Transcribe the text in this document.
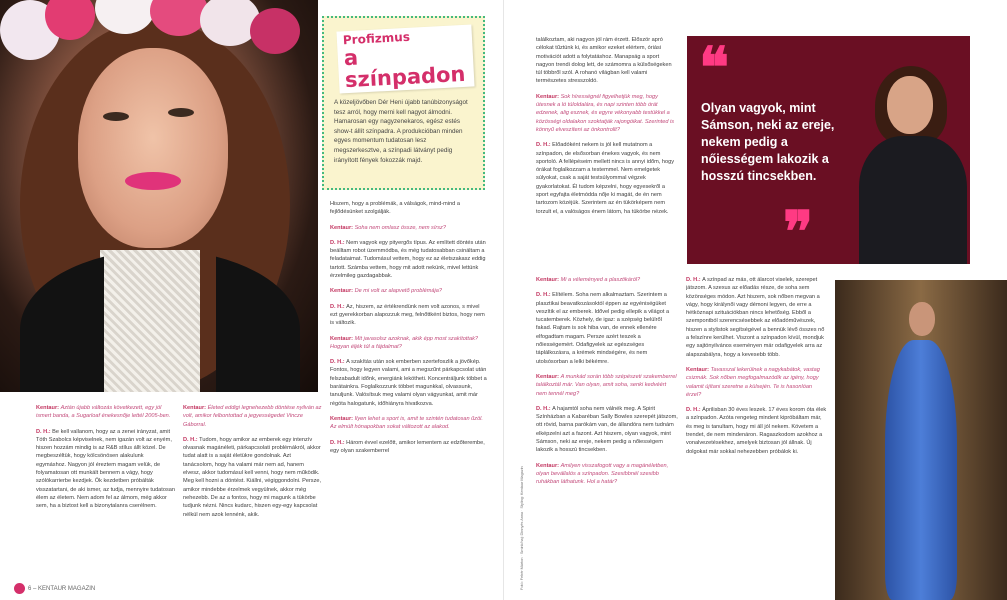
Profizmus
a színpadon
A közeljövőben Dér Heni újabb tanúbizonyságot tesz arról, hogy merni kell nagyot álmodni. Hamarosan egy nagyzenekaros, egész estés show-t állít színpadra. A produkcióban minden egyes momentum tudatosan lesz megszerkesztve, a színpadi látványt pedig irányított fények fokozzák majd.

Kentaur: Aztán újabb változás következett, egy jól ismert banda, a Sugarloaf énekesnője lettél 2005-ben.

D. H.: Be kell vallanom, hogy az a zenei irányzat, amit Tóth Szabolcs képviselnek, nem igazán volt az enyém, hiszen hozzám mindig is az R&B stílus állt közel. De megbeszéltük, hogy kölcsönösen alakulunk egymáshoz. Nagyon jól éreztem magam velük, de folyamatosan ott munkált bennem a vágy, hogy szólókarrierbe kezdjek. Ők kezdetben próbálták visszatartani, de aki ismer, az tudja, mennyire tudatosan élem az életem. Nem adom fel az álmom, még akkor sem, ha a biztost kell a bizonytalanra cserélnem.

Kentaur: Életed eddigi legnehezebb döntése nyilván az volt, amikor felbontottad a jegyességedet Vincze Gáborral.

D. H.: Tudom, hogy amikor az emberek egy intenzív olvasnak magánéleti, párkapcsolati problémákról, akkor tudat alatt is a saját életükre gondolnak. Azt tanácsolom, hogy ha valami már nem ad, hanem elvesz, akkor tudomásul kell venni, hogy nem működik. Meg kell hozni a döntést. Kiállni, végiggondolni. Persze, amikor mindebbe érzelmek vegyülnek, akkor még nehezebb. De az a fontos, hogy mi magunk a tükörbe tudjunk nézni. Nincs kudarc, hiszen egy-egy kapcsolat nélkül nem azok lennénk, akik.

Hiszem, hogy a problémák, a válságok, mind-mind a fejlődésünket szolgálják.

Kentaur: Soha nem omlasz össze, nem sírsz?

D. H.: Nem vagyok egy pityergős típus. Az említett döntés után beálltam robot üzemmódba, és még tudatosabban csináltam a feladataimat. Tudomásul vettem, hogy ez az életszakasz eddig tartott. Számba vettem, hogy mit adott nekünk, mivel lettünk érzelmileg gazdagabbak.

Kentaur: De mi volt az alapvető problémája?

D. H.: Az, hiszem, az értékrendünk nem volt azonos, s mivel ezt gyerekkorban alapozzuk meg, felnőttként biztos, hogy nem is változik.

Kentaur: Mit javasolsz azoknak, akik épp most szakítottak? Hogyan éljék túl a fájdalmat?

D. H.: A szakítás után sok emberben szertefoszlik a jövőkép. Fontos, hogy legyen valami, ami a megszűnt párkapcsolat után felszabadult időnk, energiánk lekötheti. Koncentráljunk többet a barátainkra. Foglalkozzunk többet magunkkal, olvassunk, tanuljunk. Valósítsuk meg valami olyan vágyunkat, amit már régóta halogatunk, időhiányra hivatkozva.

Kentaur: Ilyen lehet a sport is, amit te szintén tudatosan űzöl. Az elmúlt hónapokban sokat változott az alakod.

D. H.: Három évvel ezelőtt, amikor lementem az edzőterembe, egy olyan szakemberrel

találkoztam, aki nagyon jól rám érzett. Először apró célokat tűztünk ki, és amikor ezeket elértem, óriási motivációt adott a folytatáshoz. Manapság a sport nagyon trendi dolog lett, de számomra a külsőségeken túl többről szól. A rohanó világban kell valami természetes stresszoldó.

Kentaur: Sok hírességnél figyelhetjük meg, hogy ütesnek a ló túloldalára, és napi szinten több órát edzenek, alig esznek, és egyre vékonyabb testükkel a közösségi oldalakon szoktatják rajongóikat. Szerinted is könnyű elveszíteni az önkontrollt?

D. H.: Előadóként nekem is jól kell mutatnom a színpadon, de elsősorban énekes vagyok, és nem sportoló. A fellépéseim mellett nincs is annyi időm, hogy órákat foglalkozzam a testemmel. Nem emelgetek súlyokat, csak a saját testsúlyommal végzek gyakorlatokat. Él tudom képzelni, hogy egyesekről a sport egyfajta életmódda nője ki magát, de én nem tartozom közéjük. Szerintem az én tükörképem nem torzult el, a valóságos énem látom, ha tükörbe nézek.

Kentaur: Mi a véleményed a plasztikáról?

D. H.: Elítélem. Soha nem alkalmaztam. Szerintem a plasztikai beavatkozásoktól éppen az egyéniségüket veszítik el az emberek. Idővel pedig ellepik a világot a tucatemberek. Közhely, de igaz: a szépség belülről fakad. Rajtam is sok hiba van, de ennek ellenére elfogadtam magam. Persze azért teszek a nőiességemért. Odafigyelek az egészséges táplálkozásra, a krémek mindségére, és nem utolsósorban a lelki békémre.

Kentaur: A munkád során több szépészeti szakemberrel találkoztál már. Van olyan, amit soha, senki kedvéért nem tennél meg?

D. H.: A hajamtól soha nem válnék meg. A Spirit Színházban a Kabaréban Sally Bowles szerepét játszom, ott rövid, barna parókám van, de állandóra nem tudnám elképzelni azt a fazont. Azt hiszem, olyan vagyok, mint Sámson, neki az ereje, nekem pedig a nőiességem lakozik a hosszú tincsekben.

Kentaur: Amilyen visszafogott vagy a magánéletben, olyan bevállalós a színpadon. Szexibbnél szexibb ruhákban láthatunk. Hol a határ?

D. H.: A színpad az más, ott álarcot viselek, szerepet játszom. A szexus az előadás része, de soha sem közönséges módon. Azt hiszem, sok nőben megvan a vágy, hogy királynői vagy démoni legyen, de erre a hétköznapi szituációkban nincs lehetőség. Ebből a szempontból szerencsésebbek az előadóművészek, hiszen a stylistok segítségével a bennük lévő összes nő a felszínre kerülhet. Viszont a színpadon kívül, mondjuk egy sajtónyilvános eseményen már odafigyelek arra az alapszabályra, hogy a kevesebb több.

Kentaur: Tavasszal lekerülnek a nagykabátok, vastag csizmák. Sok nőben megfogalmazódik az igény, hogy valamit újítani szeretne a külsején. Te is hasonlóan érzel?

D. H.: Áprilisban 30 éves leszek. 17 éves korom óta élek a színpadon. Azóta rengeteg mindent kipróbáltam már, és meg is tanultam, hogy mi áll jól nekem. Követem a trendet, de nem mindenáron. Ragaszkodom azokhoz a vonalvezetésekhez, amelyek biztosan jól állnak. Új dolgokat már sokkal nehezebben próbálok ki.

❝
Olyan vagyok, mint Sámson, neki az ereje, nekem pedig a nőiességem lakozik a hosszú tincsekben.
❞
Fotó: Fehér Márton · Smink/haj: Dinnyés Anna · Styling: Kentaur Magazin
6 – KENTAUR MAGAZIN
